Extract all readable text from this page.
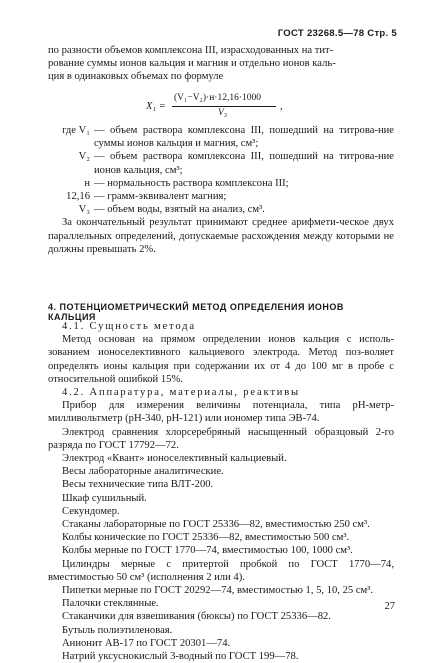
ГОСТ 23268.5—78 Стр. 5

по разности объемов комплексона III, израсходованных на тит-

рование суммы ионов кальция и магния и отдельно ионов каль-

ция в одинаковых объемах по формуле

X₁ =
(V₁−V₂)·н·12,16·1000
V₃
,
где V₁ — объем раствора комплексона III, пошедший на титрова-ние суммы ионов кальция и магния, см³;
V₂ — объем раствора комплексона III, пошедший на титрова-ние ионов кальция, см³;
н — нормальность раствора комплексона III;
12,16 — грамм-эквивалент магния;
V₃ — объем воды, взятый на анализ, см³.

За окончательный результат принимают среднее арифмети-ческое двух параллельных определений, допускаемые расхождения между которыми не должны превышать 2%.

4. ПОТЕНЦИОМЕТРИЧЕСКИЙ МЕТОД ОПРЕДЕЛЕНИЯ ИОНОВ КАЛЬЦИЯ

4.1. Сущность метода

Метод основан на прямом определении ионов кальция с исполь-зованием ионоселективного кальциевого электрода. Метод поз-воляет определять ионы кальция при содержании их от 4 до 100 мг в пробе с относительной ошибкой 15%.

4.2. Аппаратура, материалы, реактивы

Прибор для измерения величины потенциала, типа рН-метр-милливольтметр (рН-340, рН-121) или иономер типа ЭВ-74.

Электрод сравнения хлорсеребряный насыщенный образцовый 2-го разряда по ГОСТ 17792—72.

Электрод «Квант» ионоселективный кальциевый.

Весы лабораторные аналитические.

Весы технические типа ВЛТ-200.

Шкаф сушильный.

Секундомер.

Стаканы лабораторные по ГОСТ 25336—82, вместимостью 250 см³.

Колбы конические по ГОСТ 25336—82, вместимостью 500 см³.

Колбы мерные по ГОСТ 1770—74, вместимостью 100, 1000 см³.

Цилиндры мерные с притертой пробкой по ГОСТ 1770—74, вместимостью 50 см³ (исполнения 2 или 4).

Пипетки мерные по ГОСТ 20292—74, вместимостью 1, 5, 10, 25 см³.

Палочки стеклянные.

Стаканчики для взвешивания (бюксы) по ГОСТ 25336—82.

Бутыль полиэтиленовая.

Анионит АВ-17 по ГОСТ 20301—74.

Натрий уксуснокислый 3-водный по ГОСТ 199—78.

27
